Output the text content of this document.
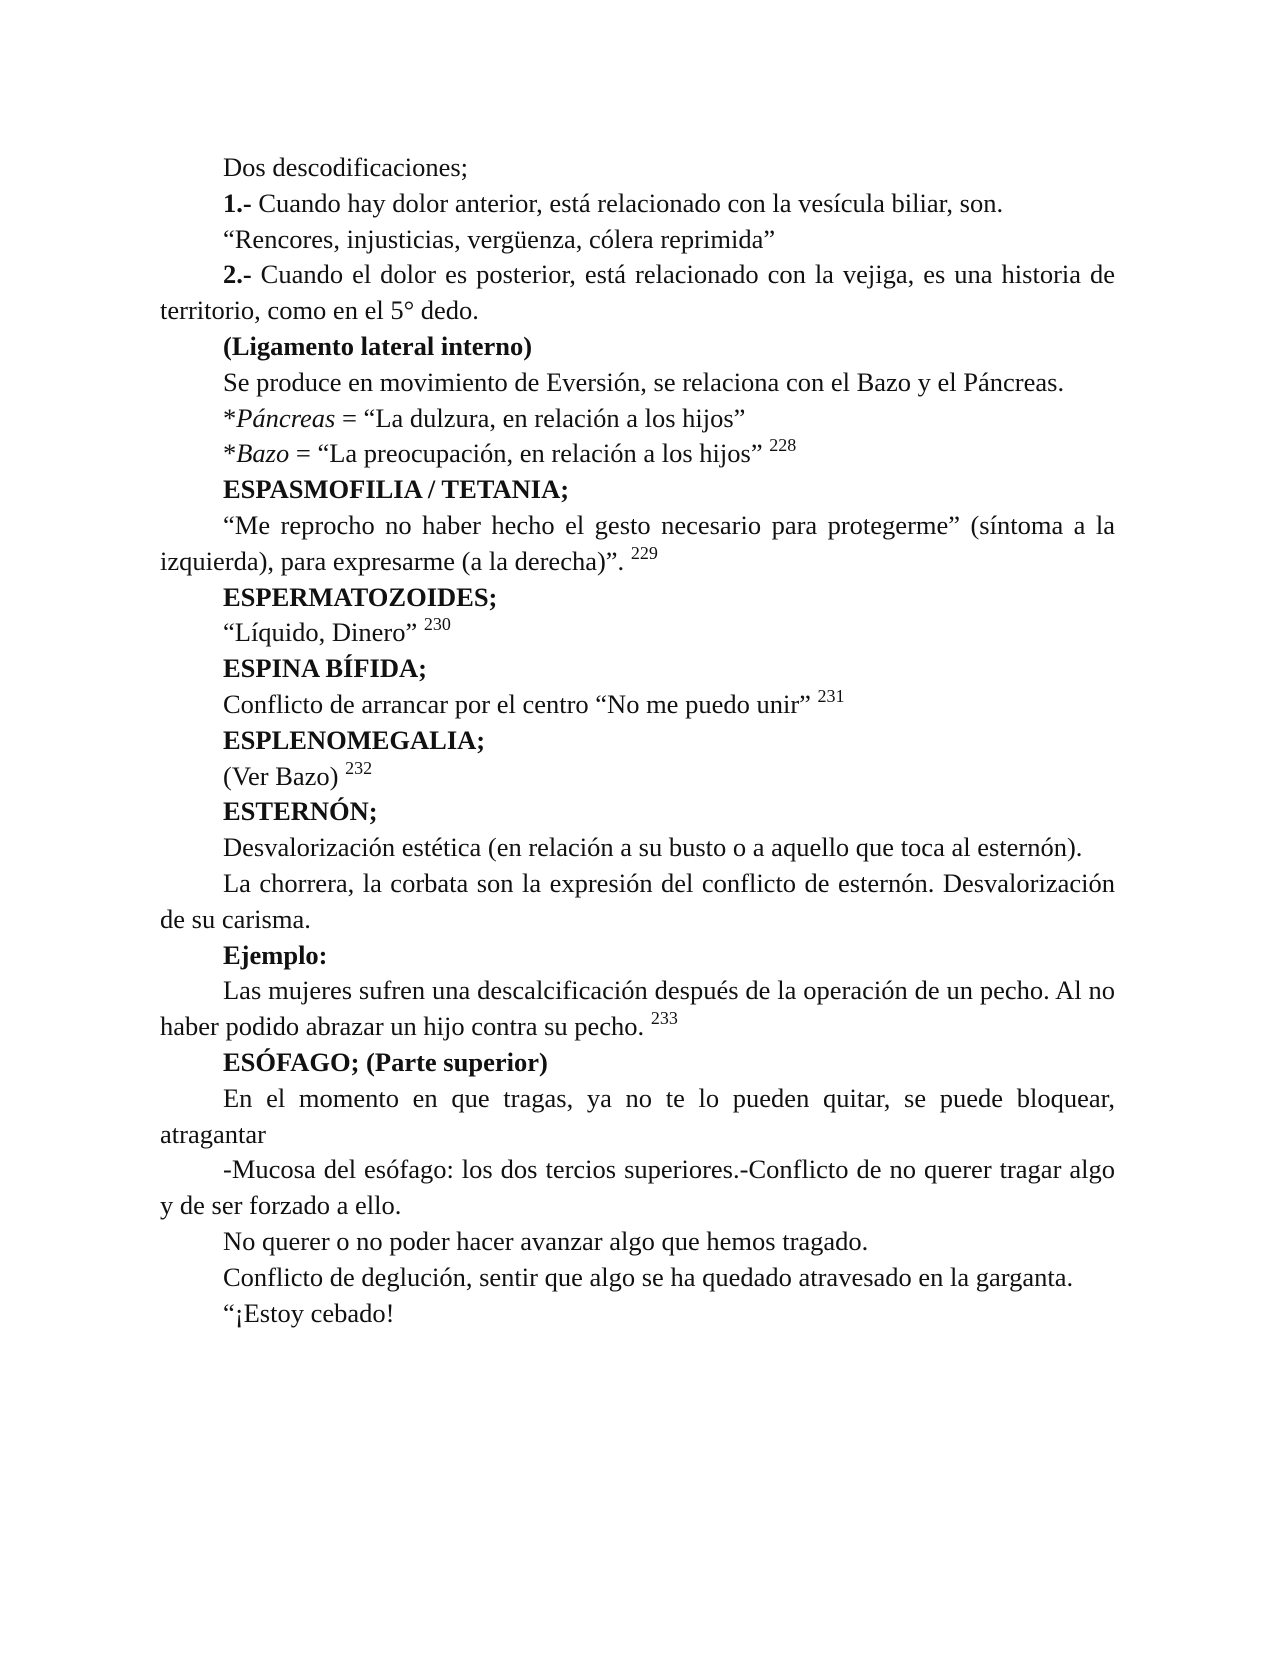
Dos descodificaciones;

1.- Cuando hay dolor anterior, está relacionado con la vesícula biliar, son.

“Rencores, injusticias, vergüenza, cólera reprimida”

2.- Cuando el dolor es posterior, está relacionado con la vejiga, es una historia de territorio, como en el 5° dedo.

(Ligamento lateral interno)

Se produce en movimiento de Eversión, se relaciona con el Bazo y el Páncreas.

*Páncreas = “La dulzura, en relación a los hijos”

*Bazo = “La preocupación, en relación a los hijos” $^{228}$

ESPASMOFILIA / TETANIA;

“Me reprocho no haber hecho el gesto necesario para protegerme” (síntoma a la izquierda), para expresarme (a la derecha)”. $^{229}$

ESPERMATOZOIDES;

“Líquido, Dinero” $^{230}$

ESPINA BÍFIDA;

Conflicto de arrancar por el centro “No me puedo unir” $^{231}$

ESPLENOMEGALIA;

(Ver Bazo) $^{232}$

ESTERNÓN;

Desvalorización estética (en relación a su busto o a aquello que toca al esternón).

La chorrera, la corbata son la expresión del conflicto de esternón. Desvalorización de su carisma.

Ejemplo:

Las mujeres sufren una descalcificación después de la operación de un pecho. Al no haber podido abrazar un hijo contra su pecho. $^{233}$

ESÓFAGO; (Parte superior)

En el momento en que tragas, ya no te lo pueden quitar, se puede bloquear, atragantar

-Mucosa del esófago: los dos tercios superiores.-Conflicto de no querer tragar algo y de ser forzado a ello.

No querer o no poder hacer avanzar algo que hemos tragado.

Conflicto de deglución, sentir que algo se ha quedado atravesado en la garganta.

“¡Estoy cebado!
